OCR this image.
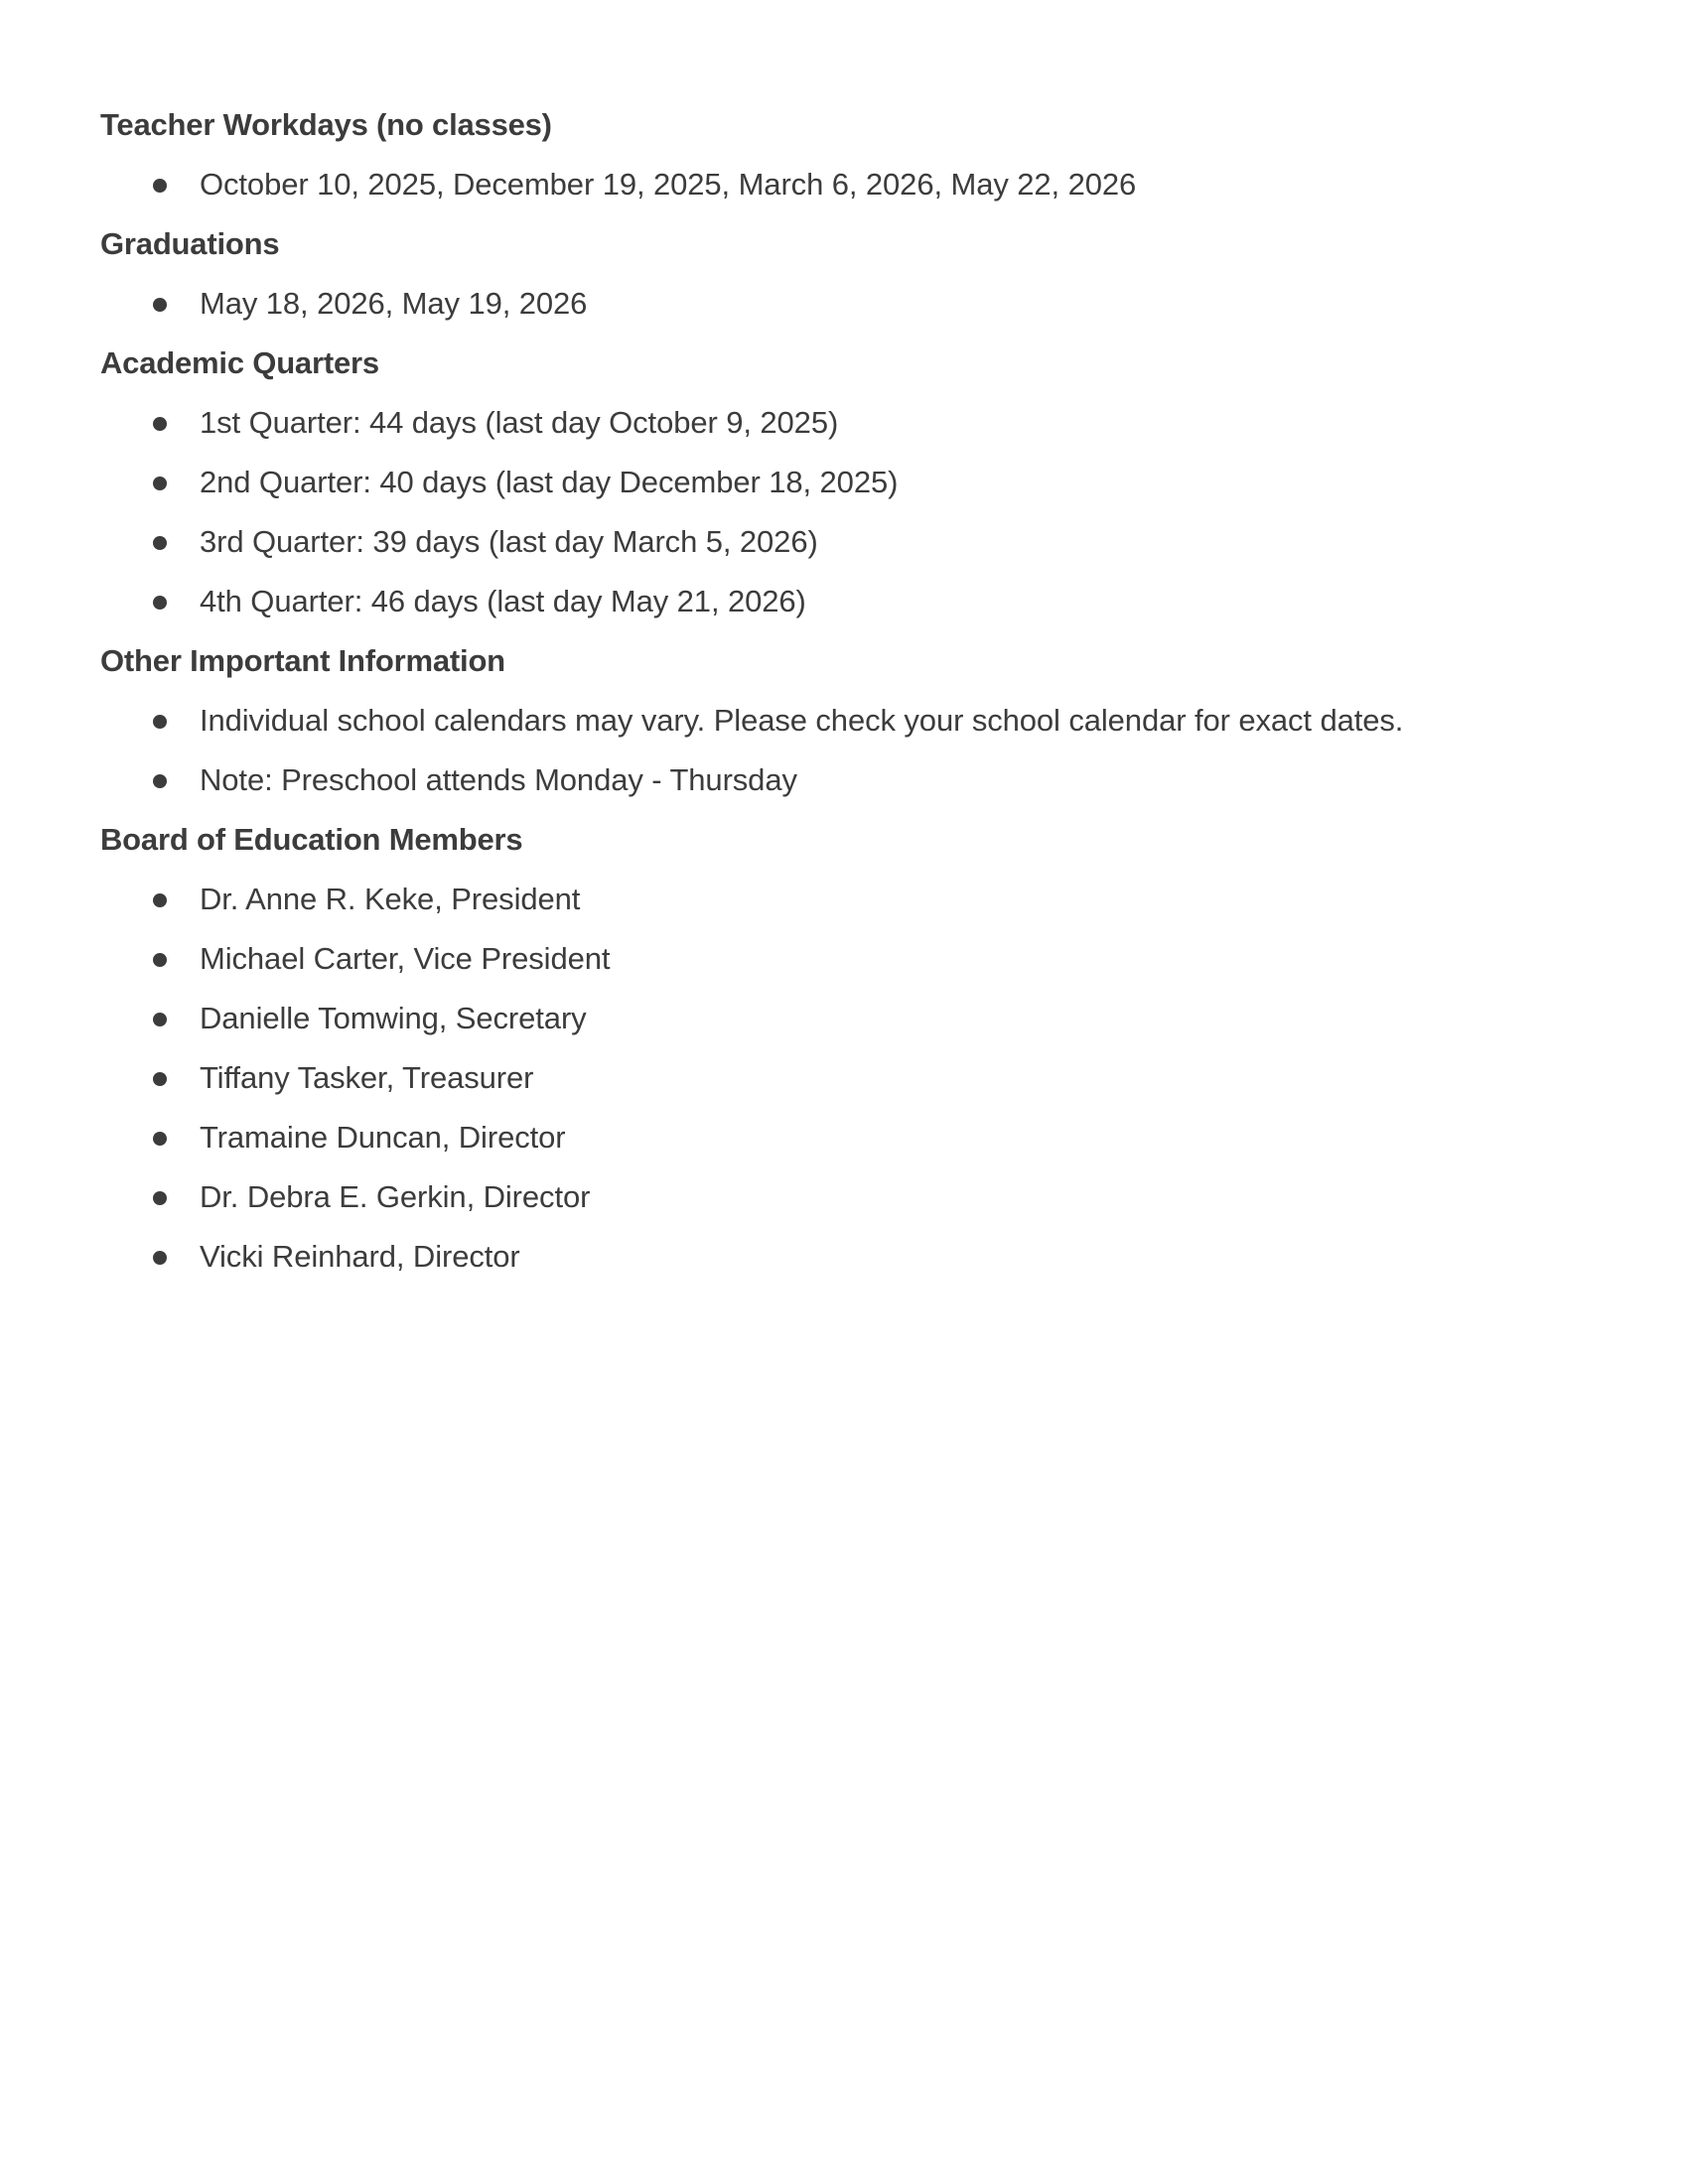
Teacher Workdays (no classes)

October 10, 2025, December 19, 2025, March 6, 2026, May 22, 2026

Graduations

May 18, 2026, May 19, 2026

Academic Quarters

1st Quarter: 44 days (last day October 9, 2025)
2nd Quarter: 40 days (last day December 18, 2025)
3rd Quarter: 39 days (last day March 5, 2026)
4th Quarter: 46 days (last day May 21, 2026)

Other Important Information

Individual school calendars may vary. Please check your school calendar for exact dates.
Note: Preschool attends Monday - Thursday

Board of Education Members

Dr. Anne R. Keke, President
Michael Carter, Vice President
Danielle Tomwing, Secretary
Tiffany Tasker, Treasurer
Tramaine Duncan, Director
Dr. Debra E. Gerkin, Director
Vicki Reinhard, Director
